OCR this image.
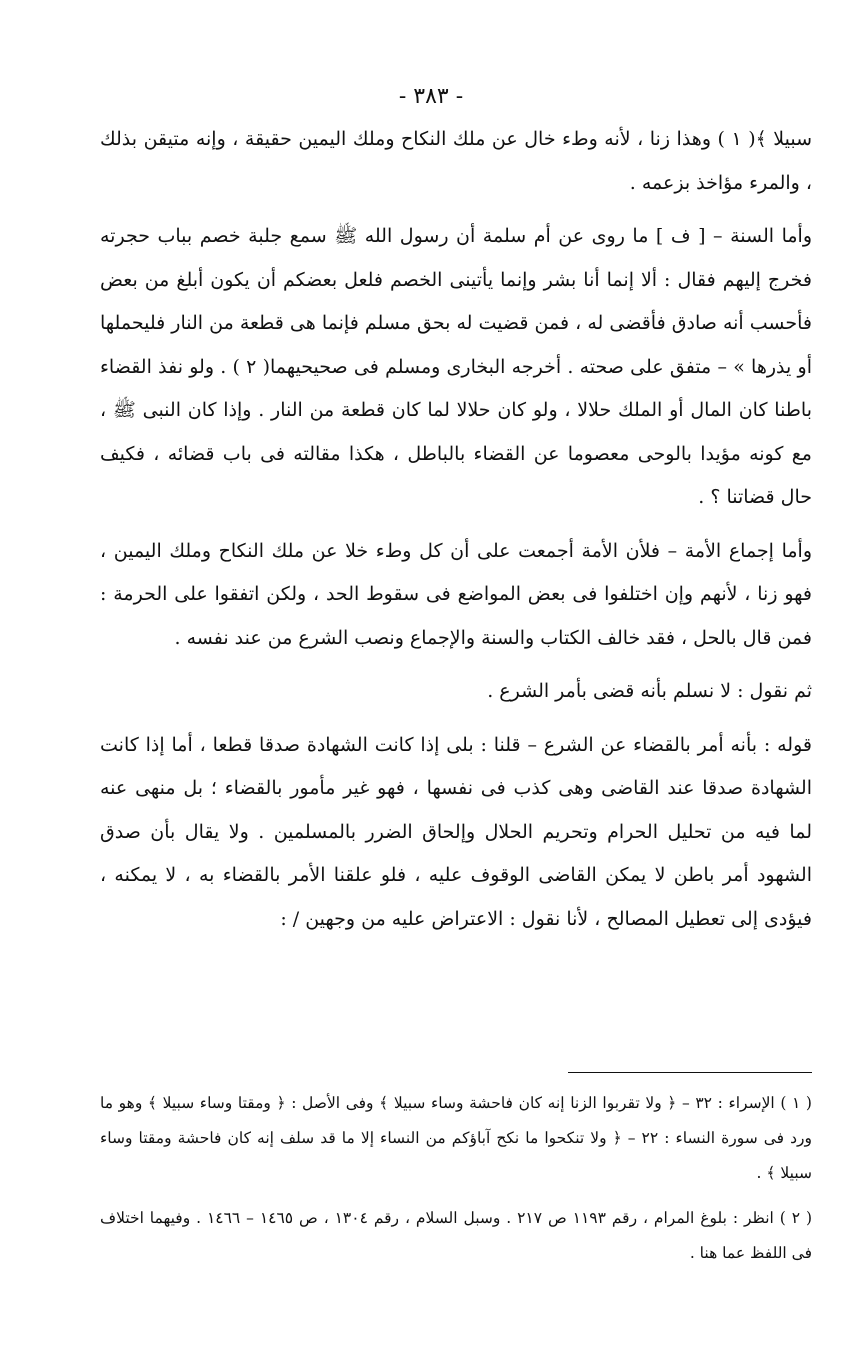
- ٣٨٣ -

سبيلا ﴾( ١ ) وهذا زنا ، لأنه وطء خال عن ملك النكاح وملك اليمين حقيقة ، وإنه متيقن بذلك ، والمرء مؤاخذ بزعمه .

وأما السنة – [ ف ] ما روى عن أم سلمة أن رسول الله ﷺ سمع جلبة خصم بباب حجرته فخرج إليهم فقال : ألا إنما أنا بشر وإنما يأتينى الخصم فلعل بعضكم أن يكون أبلغ من بعض فأحسب أنه صادق فأقضى له ، فمن قضيت له بحق مسلم فإنما هى قطعة من النار فليحملها أو يذرها » – متفق على صحته . أخرجه البخارى ومسلم فى صحيحيهما( ٢ ) . ولو نفذ القضاء باطنا كان المال أو الملك حلالا ، ولو كان حلالا لما كان قطعة من النار . وإذا كان النبى ﷺ ، مع كونه مؤيدا بالوحى معصوما عن القضاء بالباطل ، هكذا مقالته فى باب قضائه ، فكيف حال قضاتنا ؟ .

وأما إجماع الأمة – فلأن الأمة أجمعت على أن كل وطء خلا عن ملك النكاح وملك اليمين ، فهو زنا ، لأنهم وإن اختلفوا فى بعض المواضع فى سقوط الحد ، ولكن اتفقوا على الحرمة : فمن قال بالحل ، فقد خالف الكتاب والسنة والإجماع ونصب الشرع من عند نفسه .

ثم نقول : لا نسلم بأنه قضى بأمر الشرع .

قوله : بأنه أمر بالقضاء عن الشرع – قلنا : بلى إذا كانت الشهادة صدقا قطعا ، أما إذا كانت الشهادة صدقا عند القاضى وهى كذب فى نفسها ، فهو غير مأمور بالقضاء ؛ بل منهى عنه لما فيه من تحليل الحرام وتحريم الحلال وإلحاق الضرر بالمسلمين . ولا يقال بأن صدق الشهود أمر باطن لا يمكن القاضى الوقوف عليه ، فلو علقنا الأمر بالقضاء به ، لا يمكنه ، فيؤدى إلى تعطيل المصالح ، لأنا نقول : الاعتراض عليه من وجهين / :

( ١ ) الإسراء : ٣٢ – ﴿ ولا تقربوا الزنا إنه كان فاحشة وساء سبيلا ﴾ وفى الأصل : ﴿ ومقتا وساء سبيلا ﴾ وهو ما ورد فى سورة النساء : ٢٢ – ﴿ ولا تنكحوا ما نكح آباؤكم من النساء إلا ما قد سلف إنه كان فاحشة ومقتا وساء سبيلا ﴾ .

( ٢ ) انظر : بلوغ المرام ، رقم ١١٩٣ ص ٢١٧ . وسبل السلام ، رقم ١٣٠٤ ، ص ١٤٦٥ – ١٤٦٦ . وفيهما اختلاف فى اللفظ عما هنا .
